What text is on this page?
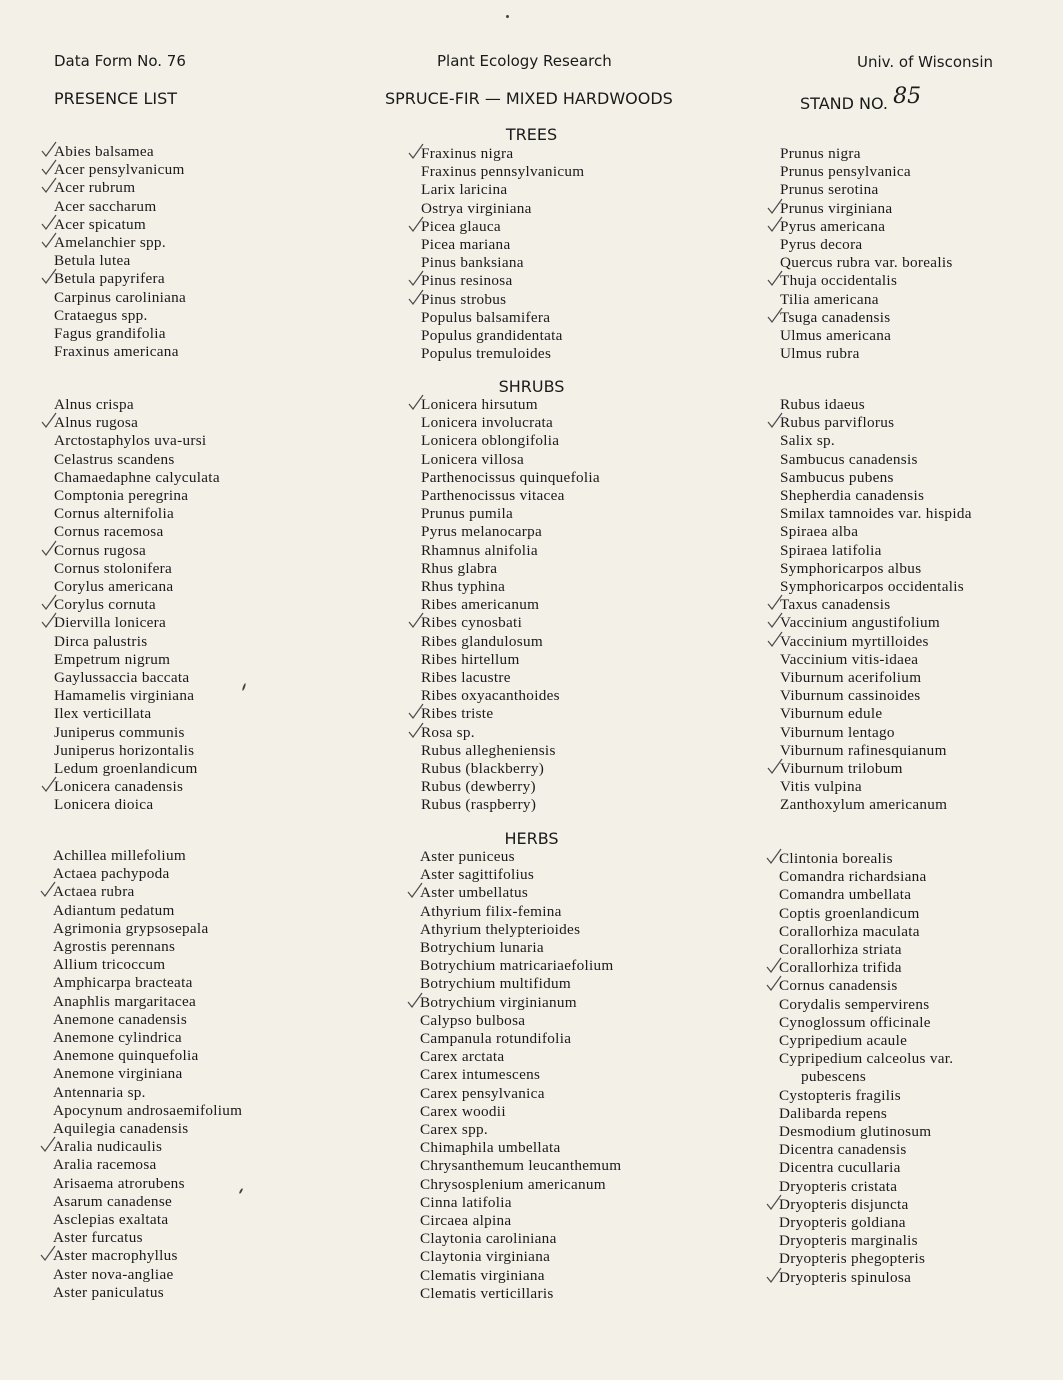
Data Form No. 76	Plant Ecology Research	Univ. of Wisconsin
PRESENCE LIST	SPRUCE-FIR — MIXED HARDWOODS	STAND NO. 85
TREES
SHRUBS
HERBS
Abies balsamea
Acer pensylvanicum
Acer rubrum
Acer saccharum
Acer spicatum
Amelanchier spp.
Betula lutea
Betula papyrifera
Carpinus caroliniana
Crataegus spp.
Fagus grandifolia
Fraxinus americana
Fraxinus nigra
Fraxinus pennsylvanicum
Larix laricina
Ostrya virginiana
Picea glauca
Picea mariana
Pinus banksiana
Pinus resinosa
Pinus strobus
Populus balsamifera
Populus grandidentata
Populus tremuloides
Prunus nigra
Prunus pensylvanica
Prunus serotina
Prunus virginiana
Pyrus americana
Pyrus decora
Quercus rubra var. borealis
Thuja occidentalis
Tilia americana
Tsuga canadensis
Ulmus americana
Ulmus rubra
Alnus crispa
Alnus rugosa
Arctostaphylos uva-ursi
Celastrus scandens
Chamaedaphne calyculata
Comptonia peregrina
Cornus alternifolia
Cornus racemosa
Cornus rugosa
Cornus stolonifera
Corylus americana
Corylus cornuta
Diervilla lonicera
Dirca palustris
Empetrum nigrum
Gaylussaccia baccata
Hamamelis virginiana
Ilex verticillata
Juniperus communis
Juniperus horizontalis
Ledum groenlandicum
Lonicera canadensis
Lonicera dioica
Lonicera hirsutum
Lonicera involucrata
Lonicera oblongifolia
Lonicera villosa
Parthenocissus quinquefolia
Parthenocissus vitacea
Prunus pumila
Pyrus melanocarpa
Rhamnus alnifolia
Rhus glabra
Rhus typhina
Ribes americanum
Ribes cynosbati
Ribes glandulosum
Ribes hirtellum
Ribes lacustre
Ribes oxyacanthoides
Ribes triste
Rosa sp.
Rubus allegheniensis
Rubus (blackberry)
Rubus (dewberry)
Rubus (raspberry)
Rubus idaeus
Rubus parviflorus
Salix sp.
Sambucus canadensis
Sambucus pubens
Shepherdia canadensis
Smilax tamnoides var. hispida
Spiraea alba
Spiraea latifolia
Symphoricarpos albus
Symphoricarpos occidentalis
Taxus canadensis
Vaccinium angustifolium
Vaccinium myrtilloides
Vaccinium vitis-idaea
Viburnum acerifolium
Viburnum cassinoides
Viburnum edule
Viburnum lentago
Viburnum rafinesquianum
Viburnum trilobum
Vitis vulpina
Zanthoxylum americanum
Achillea millefolium
Actaea pachypoda
Actaea rubra
Adiantum pedatum
Agrimonia grypsosepala
Agrostis perennans
Allium tricoccum
Amphicarpa bracteata
Anaphlis margaritacea
Anemone canadensis
Anemone cylindrica
Anemone quinquefolia
Anemone virginiana
Antennaria sp.
Apocynum androsaemifolium
Aquilegia canadensis
Aralia nudicaulis
Aralia racemosa
Arisaema atrorubens
Asarum canadense
Asclepias exaltata
Aster furcatus
Aster macrophyllus
Aster nova-angliae
Aster paniculatus
Aster puniceus
Aster sagittifolius
Aster umbellatus
Athyrium filix-femina
Athyrium thelypterioides
Botrychium lunaria
Botrychium matricariaefolium
Botrychium multifidum
Botrychium virginianum
Calypso bulbosa
Campanula rotundifolia
Carex arctata
Carex intumescens
Carex pensylvanica
Carex woodii
Carex spp.
Chimaphila umbellata
Chrysanthemum leucanthemum
Chrysosplenium americanum
Cinna latifolia
Circaea alpina
Claytonia caroliniana
Claytonia virginiana
Clematis virginiana
Clematis verticillaris
Clintonia borealis
Comandra richardsiana
Comandra umbellata
Coptis groenlandicum
Corallorhiza maculata
Corallorhiza striata
Corallorhiza trifida
Cornus canadensis
Corydalis sempervirens
Cynoglossum officinale
Cypripedium acaule
Cypripedium calceolus var.
pubescens
Cystopteris fragilis
Dalibarda repens
Desmodium glutinosum
Dicentra canadensis
Dicentra cucullaria
Dryopteris cristata
Dryopteris disjuncta
Dryopteris goldiana
Dryopteris marginalis
Dryopteris phegopteris
Dryopteris spinulosa
